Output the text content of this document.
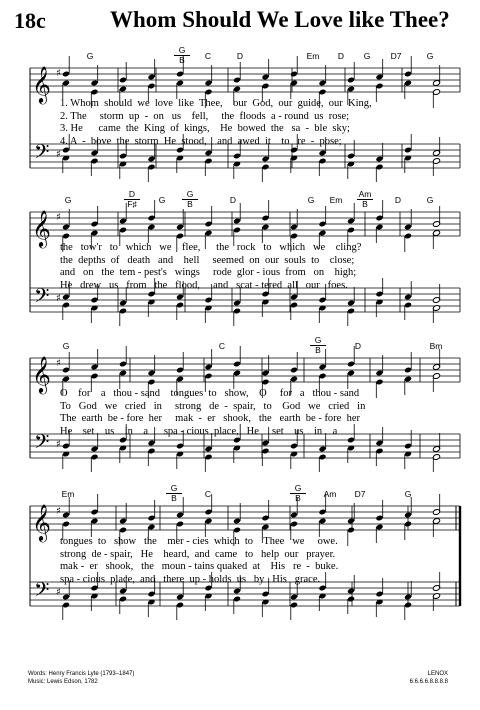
18c	Whom Should We Love like Thee?
G
G
B	C	D	Em	D	G	D7	G
𝄞
𝄢
♯
♯
1. Whom  should  we  love  like  Thee,    our  God,  our  guide,  our  King,
2. The     storm  up  -  on   us    fell,     the  floods  a - round  us  rose;
3. He      came  the  King  of  kings,    He  bowed  the   sa  -  ble  sky;
4. A  -  bove  the  storm  He  stood,    and  awed  it    to   re  -  pose;
G
D
F♯	G
G
B	D	G	Em
Am
B	D	G
𝄞
𝄢
♯
♯
the   tow'r   to   which   we    flee,      the   rock   to   which   we    cling?
the  depths  of   death   and    hell     seemed  on  our  souls  to    close;
and   on   the  tem - pest's   wings     rode  glor - ious  from   on    high;
He   drew   us   from   the   flood,     and   scat - tered  all   our   foes.
G	C
G
B	D	Bm
𝄞
𝄢
♯
♯
O    for    a   thou - sand    tongues  to   show,    O     for   a   thou - sand
To   God   we   cried   in     strong   de  -  spair,   to    God   we   cried   in
The  earth  be - fore  her     mak  -  er   shook,   the   earth  be - fore  her
He    set    us    in    a      spa - cious  place,   He     set    us    in    a
Em
G
B	C
G
B	Am	D7	G
𝄞
𝄢
♯
♯
tongues  to   show   the    mer - cies  which  to    Thee   we     owe.
strong  de - spair,   He    heard,  and  came   to   help  our   prayer.
mak -  er   shook,   the   moun - tains quaked  at    His   re  -  buke.
spa - cious  place,  and   there  up - holds  us   by   His   grace.
Words: Henry Francis Lyte (1793–1847)
Music: Lewis Edson, 1782
LENOX
6.6.6.6.8.8.8.8
